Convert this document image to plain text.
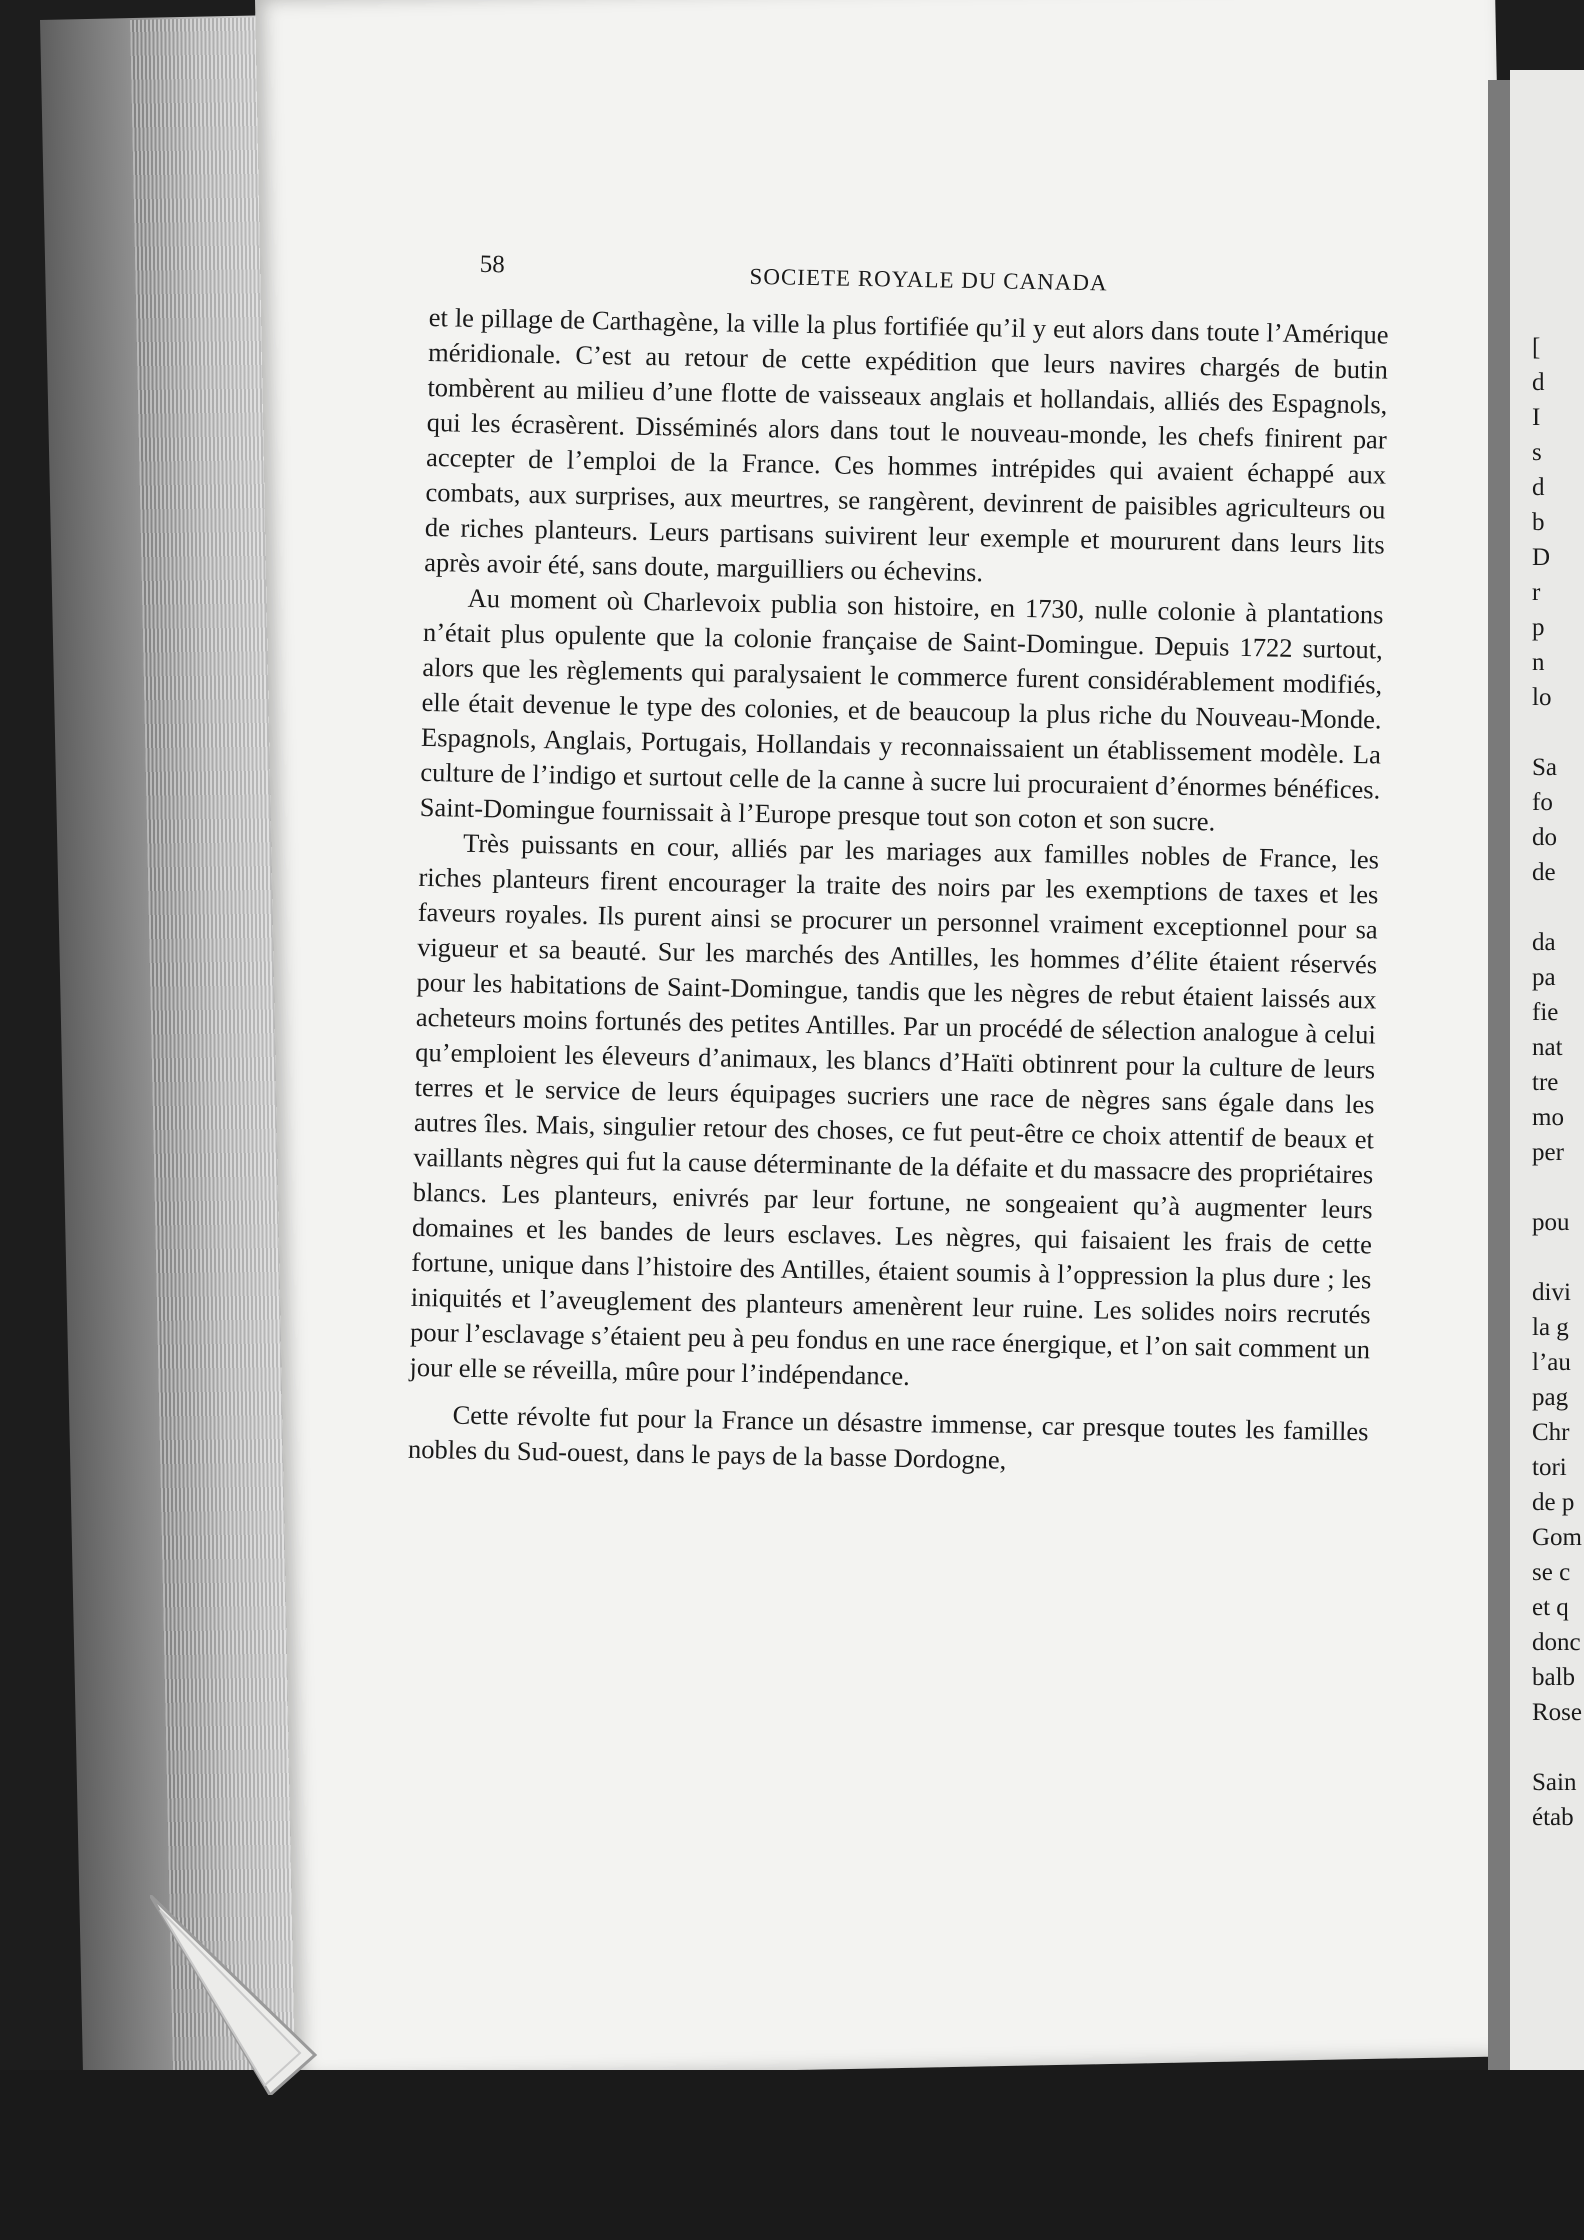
58	SOCIETE ROYALE DU CANADA

et le pillage de Carthagène, la ville la plus fortifiée qu’il y eut alors dans toute l’Amérique méridionale. C’est au retour de cette expédition que leurs navires chargés de butin tombèrent au milieu d’une flotte de vaisseaux anglais et hollandais, alliés des Espagnols, qui les écrasèrent. Disséminés alors dans tout le nouveau-monde, les chefs finirent par accepter de l’emploi de la France. Ces hommes intrépides qui avaient échappé aux combats, aux surprises, aux meurtres, se rangèrent, devinrent de paisibles agriculteurs ou de riches planteurs. Leurs partisans suivirent leur exemple et moururent dans leurs lits après avoir été, sans doute, marguilliers ou échevins.

Au moment où Charlevoix publia son histoire, en 1730, nulle colonie à plantations n’était plus opulente que la colonie française de Saint-Domingue. Depuis 1722 surtout, alors que les règlements qui paralysaient le commerce furent considérablement modifiés, elle était devenue le type des colonies, et de beaucoup la plus riche du Nouveau-Monde. Espagnols, Anglais, Portugais, Hollandais y reconnaissaient un établissement modèle. La culture de l’indigo et surtout celle de la canne à sucre lui procuraient d’énormes bénéfices. Saint-Domingue fournissait à l’Europe presque tout son coton et son sucre.

Très puissants en cour, alliés par les mariages aux familles nobles de France, les riches planteurs firent encourager la traite des noirs par les exemptions de taxes et les faveurs royales. Ils purent ainsi se procurer un personnel vraiment exceptionnel pour sa vigueur et sa beauté. Sur les marchés des Antilles, les hommes d’élite étaient réservés pour les habitations de Saint-Domingue, tandis que les nègres de rebut étaient laissés aux acheteurs moins fortunés des petites Antilles. Par un procédé de sélection analogue à celui qu’emploient les éleveurs d’animaux, les blancs d’Haïti obtinrent pour la culture de leurs terres et le service de leurs équipages sucriers une race de nègres sans égale dans les autres îles. Mais, singulier retour des choses, ce fut peut-être ce choix attentif de beaux et vaillants nègres qui fut la cause déterminante de la défaite et du massacre des propriétaires blancs. Les planteurs, enivrés par leur fortune, ne songeaient qu’à augmenter leurs domaines et les bandes de leurs esclaves. Les nègres, qui faisaient les frais de cette fortune, unique dans l’histoire des Antilles, étaient soumis à l’oppression la plus dure ; les iniquités et l’aveuglement des planteurs amenèrent leur ruine. Les solides noirs recrutés pour l’esclavage s’étaient peu à peu fondus en une race énergique, et l’on sait comment un jour elle se réveilla, mûre pour l’indépendance.

Cette révolte fut pour la France un désastre immense, car presque toutes les familles nobles du Sud-ouest, dans le pays de la basse Dordogne,

[
d
I
s
d
b
D
r
p
n
lo

Sa
fo
do
de

da
pa
fie
nat
tre
mo
per

pou

divi
la g
l’au
pag
Chr
tori
de p
Gom
se c
et q
donc
balb
Rose

Sain
étab
